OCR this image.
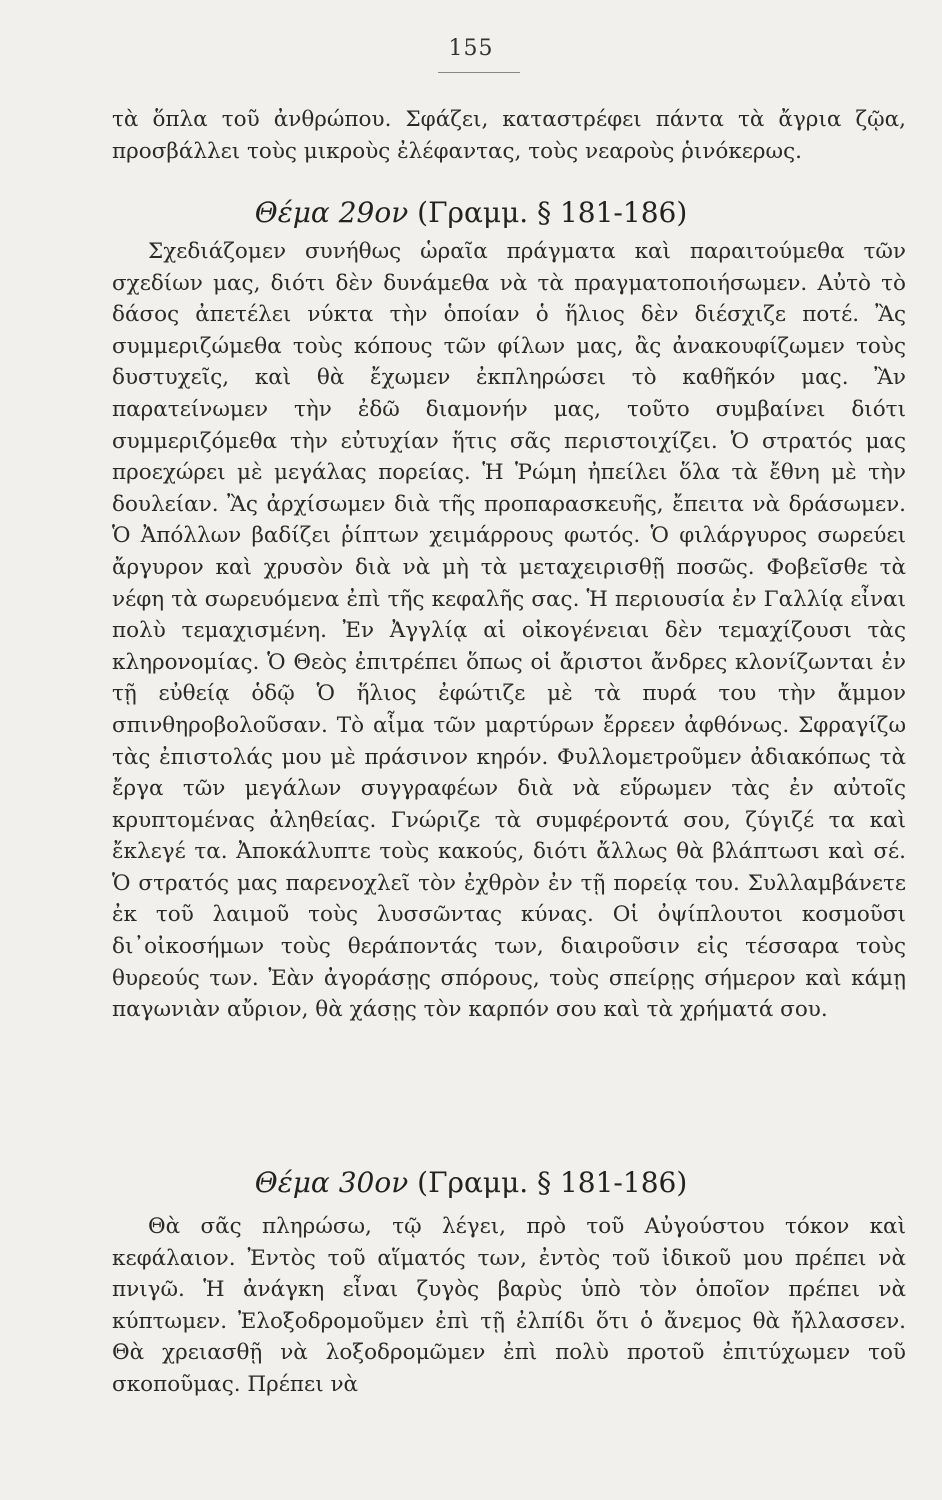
155

τὰ ὅπλα τοῦ ἀνθρώπου. Σφάζει, καταστρέφει πάντα τὰ ἄγρια ζῷα, προσβάλλει τοὺς μικροὺς ἐλέφαντας, τοὺς νεαροὺς ῥινόκερως.

Θέμα 29ον (Γραμμ. § 181-186)

Σχεδιάζομεν συνήθως ὡραῖα πράγματα καὶ παραιτούμεθα τῶν σχεδίων μας, διότι δὲν δυνάμεθα νὰ τὰ πραγματοποιήσωμεν. Αὐτὸ τὸ δάσος ἀπετέλει νύκτα τὴν ὁποίαν ὁ ἥλιος δὲν διέσχιζε ποτέ. Ἂς συμμεριζώμεθα τοὺς κόπους τῶν φίλων μας, ἂς ἀνακουφίζωμεν τοὺς δυστυχεῖς, καὶ θὰ ἔχωμεν ἐκπληρώσει τὸ καθῆκόν μας. Ἂν παρατείνωμεν τὴν ἐδῶ διαμονήν μας, τοῦτο συμβαίνει διότι συμμεριζόμεθα τὴν εὐτυχίαν ἥτις σᾶς περιστοιχίζει. Ὁ στρατός μας προεχώρει μὲ μεγάλας πορείας. Ἡ Ῥώμη ἠπείλει ὅλα τὰ ἔθνη μὲ τὴν δουλείαν. Ἂς ἀρχίσωμεν διὰ τῆς προπαρασκευῆς, ἔπειτα νὰ δράσωμεν. Ὁ Ἀπόλλων βαδίζει ῥίπτων χειμάρρους φωτός. Ὁ φιλάργυρος σωρεύει ἄργυρον καὶ χρυσὸν διὰ νὰ μὴ τὰ μεταχειρισθῇ ποσῶς. Φοβεῖσθε τὰ νέφη τὰ σωρευόμενα ἐπὶ τῆς κεφαλῆς σας. Ἡ περιουσία ἐν Γαλλίᾳ εἶναι πολὺ τεμαχισμένη. Ἐν Ἀγγλίᾳ αἱ οἰκογένειαι δὲν τεμαχίζουσι τὰς κληρονομίας. Ὁ Θεὸς ἐπιτρέπει ὅπως οἱ ἄριστοι ἄνδρες κλονίζωνται ἐν τῇ εὐθείᾳ ὁδῷ Ὁ ἥλιος ἐφώτιζε μὲ τὰ πυρά του τὴν ἄμμον σπινθηροβολοῦσαν. Τὸ αἷμα τῶν μαρτύρων ἔρρεεν ἀφθόνως. Σφραγίζω τὰς ἐπιστολάς μου μὲ πράσινον κηρόν. Φυλλομετροῦμεν ἀδιακόπως τὰ ἔργα τῶν μεγάλων συγγραφέων διὰ νὰ εὕρωμεν τὰς ἐν αὐτοῖς κρυπτομένας ἀληθείας. Γνώριζε τὰ συμφέροντά σου, ζύγιζέ τα καὶ ἔκλεγέ τα. Ἀποκάλυπτε τοὺς κακούς, διότι ἄλλως θὰ βλάπτωσι καὶ σέ. Ὁ στρατός μας παρενοχλεῖ τὸν ἐχθρὸν ἐν τῇ πορείᾳ του. Συλλαμβάνετε ἐκ τοῦ λαιμοῦ τοὺς λυσσῶντας κύνας. Οἱ ὀψίπλουτοι κοσμοῦσι δι᾽οἰκοσήμων τοὺς θεράποντάς των, διαιροῦσιν εἰς τέσσαρα τοὺς θυρεούς των. Ἐὰν ἀγοράσῃς σπόρους, τοὺς σπείρῃς σήμερον καὶ κάμῃ παγωνιὰν αὔριον, θὰ χάσῃς τὸν καρπόν σου καὶ τὰ χρήματά σου.

Θέμα 30ον (Γραμμ. § 181-186)

Θὰ σᾶς πληρώσω, τῷ λέγει, πρὸ τοῦ Αὐγούστου τόκον καὶ κεφάλαιον. Ἐντὸς τοῦ αἵματός των, ἐντὸς τοῦ ἰδικοῦ μου πρέπει νὰ πνιγῶ. Ἡ ἀνάγκη εἶναι ζυγὸς βαρὺς ὑπὸ τὸν ὁποῖον πρέπει νὰ κύπτωμεν. Ἐλοξοδρομοῦμεν ἐπὶ τῇ ἐλπίδι ὅτι ὁ ἄνεμος θὰ ἤλλασσεν. Θὰ χρειασθῇ νὰ λοξοδρομῶμεν ἐπὶ πολὺ προτοῦ ἐπιτύχωμεν τοῦ σκοποῦμας. Πρέπει νὰ
